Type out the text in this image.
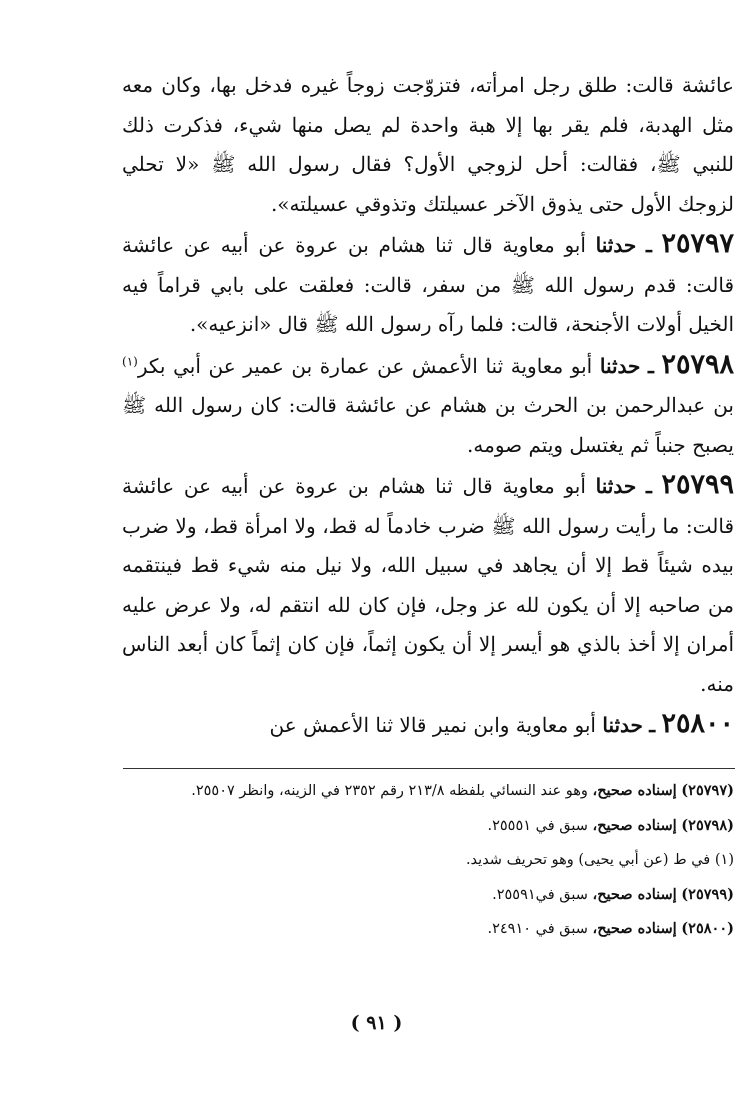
عائشة قالت: طلق رجل امرأته، فتزوّجت زوجاً غيره فدخل بها، وكان معه مثل الهدبة، فلم يقر بها إلا هبة واحدة لم يصل منها شيء، فذكرت ذلك للنبي ﷺ، فقالت: أحل لزوجي الأول؟ فقال رسول الله ﷺ «لا تحلي لزوجك الأول حتى يذوق الآخر عسيلتك وتذوقي عسيلته».

٢٥٧٩٧ ـ حدثنا أبو معاوية قال ثنا هشام بن عروة عن أبيه عن عائشة قالت: قدم رسول الله ﷺ من سفر، قالت: فعلقت على بابي قراماً فيه الخيل أولات الأجنحة، قالت: فلما رآه رسول الله ﷺ قال «انزعيه».

٢٥٧٩٨ ـ حدثنا أبو معاوية ثنا الأعمش عن عمارة بن عمير عن أبي بكر$^{(١)}$ بن عبدالرحمن بن الحرث بن هشام عن عائشة قالت: كان رسول الله ﷺ يصبح جنباً ثم يغتسل ويتم صومه.

٢٥٧٩٩ ـ حدثنا أبو معاوية قال ثنا هشام بن عروة عن أبيه عن عائشة قالت: ما رأيت رسول الله ﷺ ضرب خادماً له قط، ولا امرأة قط، ولا ضرب بيده شيئاً قط إلا أن يجاهد في سبيل الله، ولا نيل منه شيء قط فينتقمه من صاحبه إلا أن يكون لله عز وجل، فإن كان لله انتقم له، ولا عرض عليه أمران إلا أخذ بالذي هو أيسر إلا أن يكون إثماً، فإن كان إثماً كان أبعد الناس منه.

٢٥٨٠٠ ـ حدثنا أبو معاوية وابن نمير قالا ثنا الأعمش عن

(٢٥٧٩٧) إسناده صحيح، وهو عند النسائي بلفظه ٢١٣/٨ رقم ٢٣٥٢ في الزينه، وانظر ٢٥٥٠٧.

(٢٥٧٩٨) إسناده صحيح، سبق في ٢٥٥٥١.

(١) في ط (عن أبي يحيى) وهو تحريف شديد.

(٢٥٧٩٩) إسناده صحيح، سبق في٢٥٥٩١.

(٢٥٨٠٠) إسناده صحيح، سبق في ٢٤٩١٠.

( ٩١ )
